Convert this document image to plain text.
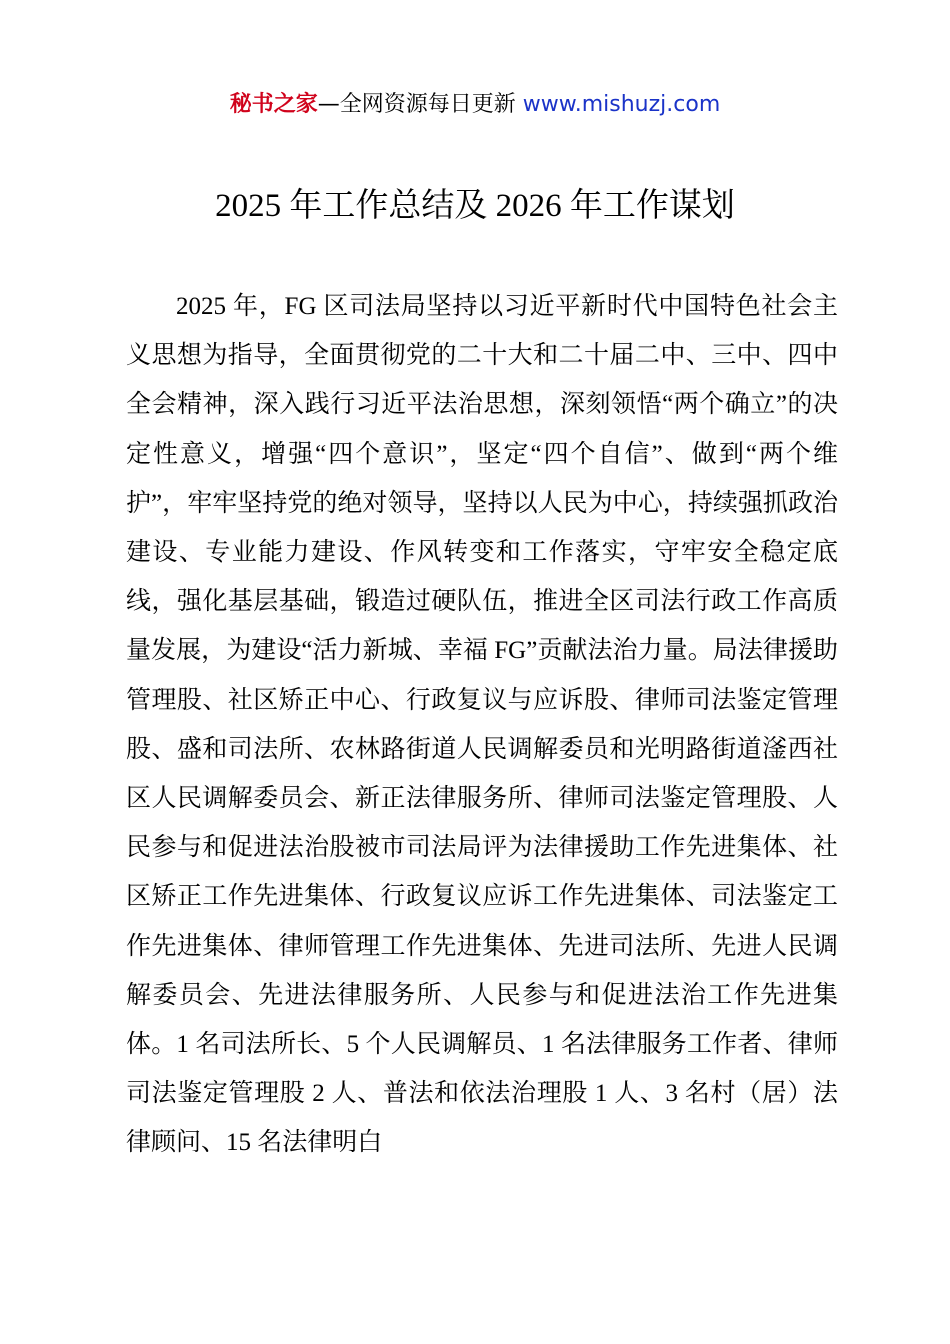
秘书之家—全网资源每日更新 www.mishuzj.com
2025 年工作总结及 2026 年工作谋划

2025 年，FG 区司法局坚持以习近平新时代中国特色社会主义思想为指导，全面贯彻党的二十大和二十届二中、三中、四中全会精神，深入践行习近平法治思想，深刻领悟“两个确立”的决定性意义，增强“四个意识”，坚定“四个自信”、做到“两个维护”，牢牢坚持党的绝对领导，坚持以人民为中心，持续强抓政治建设、专业能力建设、作风转变和工作落实，守牢安全稳定底线，强化基层基础，锻造过硬队伍，推进全区司法行政工作高质量发展，为建设“活力新城、幸福 FG”贡献法治力量。局法律援助管理股、社区矫正中心、行政复议与应诉股、律师司法鉴定管理股、盛和司法所、农林路街道人民调解委员和光明路街道滏西社区人民调解委员会、新正法律服务所、律师司法鉴定管理股、人民参与和促进法治股被市司法局评为法律援助工作先进集体、社区矫正工作先进集体、行政复议应诉工作先进集体、司法鉴定工作先进集体、律师管理工作先进集体、先进司法所、先进人民调解委员会、先进法律服务所、人民参与和促进法治工作先进集体。1 名司法所长、5 个人民调解员、1 名法律服务工作者、律师司法鉴定管理股 2 人、普法和依法治理股 1 人、3 名村（居）法律顾问、15 名法律明白
